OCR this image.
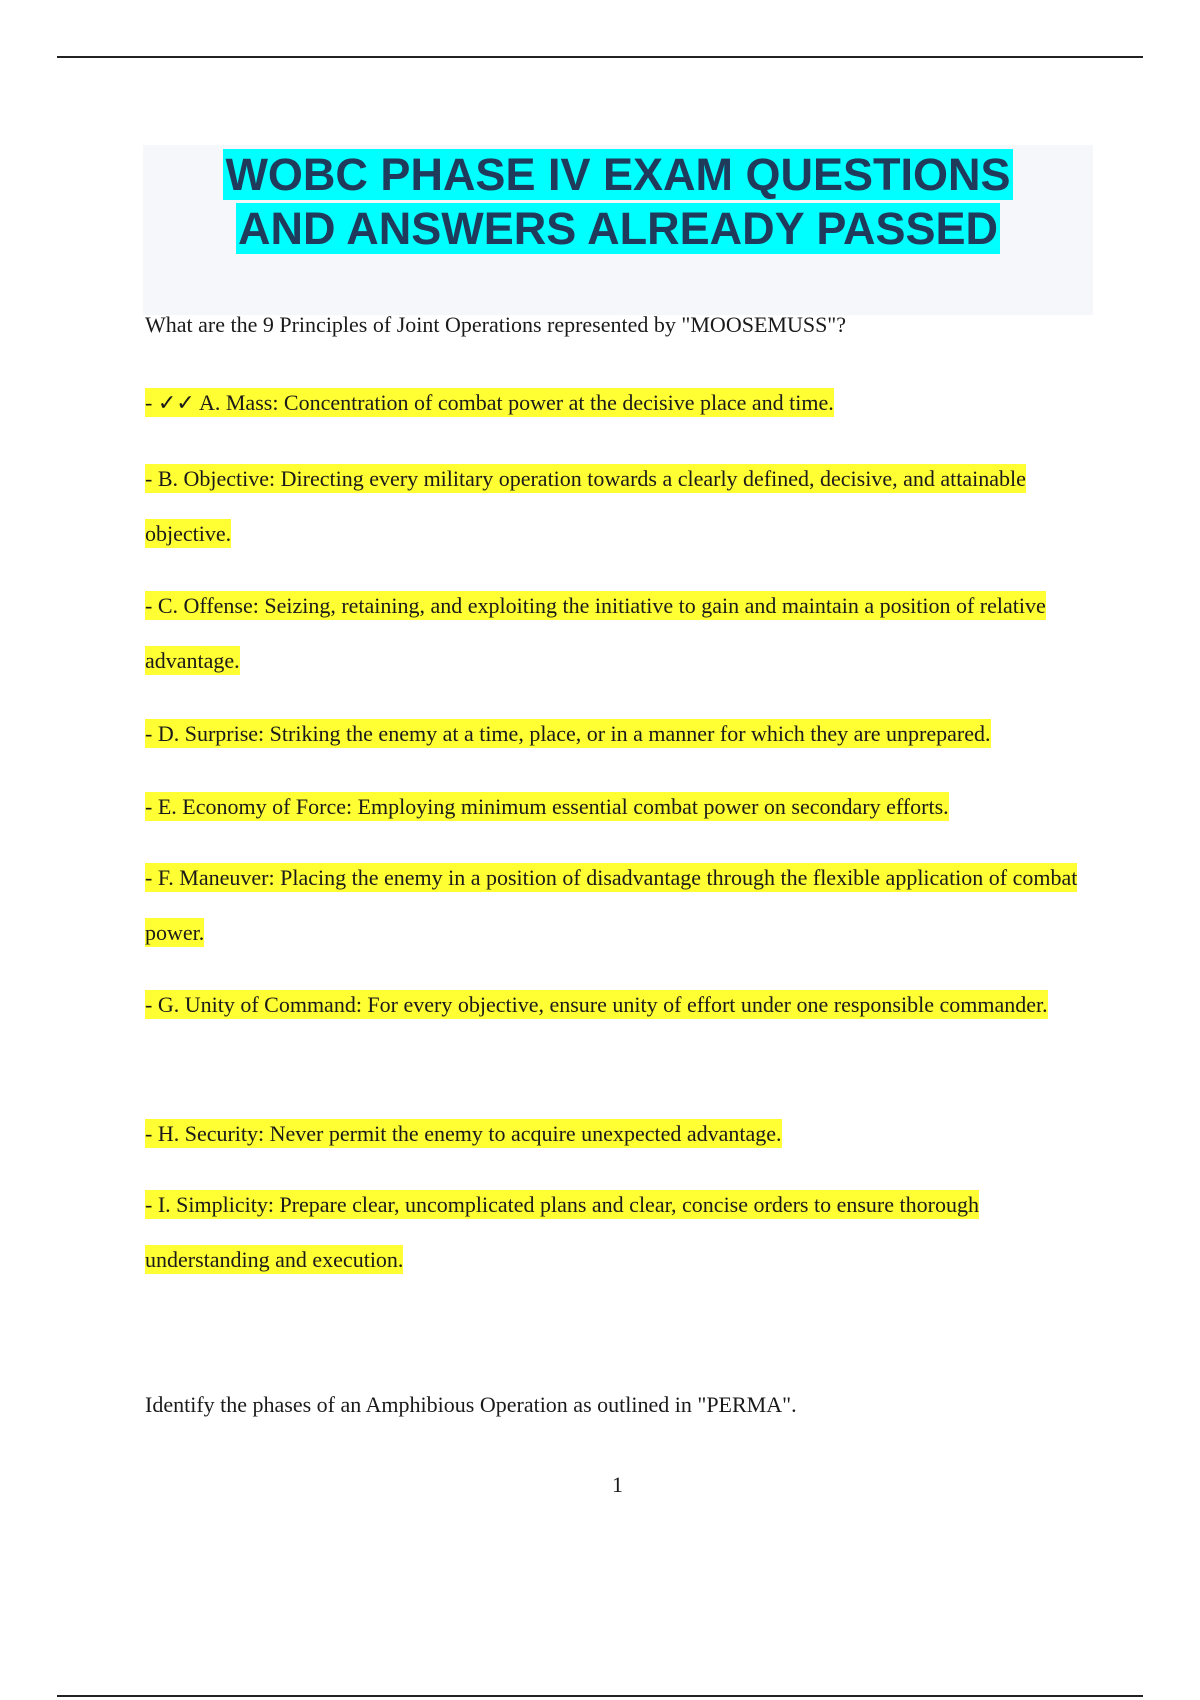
WOBC PHASE IV EXAM QUESTIONS
AND ANSWERS ALREADY PASSED
What are the 9 Principles of Joint Operations represented by "MOOSEMUSS"?
- ✓✓ A. Mass: Concentration of combat power at the decisive place and time.
- B. Objective: Directing every military operation towards a clearly defined, decisive, and attainable objective.
- C. Offense: Seizing, retaining, and exploiting the initiative to gain and maintain a position of relative advantage.
- D. Surprise: Striking the enemy at a time, place, or in a manner for which they are unprepared.
- E. Economy of Force: Employing minimum essential combat power on secondary efforts.
- F. Maneuver: Placing the enemy in a position of disadvantage through the flexible application of combat power.
- G. Unity of Command: For every objective, ensure unity of effort under one responsible commander.
- H. Security: Never permit the enemy to acquire unexpected advantage.
- I. Simplicity: Prepare clear, uncomplicated plans and clear, concise orders to ensure thorough understanding and execution.
Identify the phases of an Amphibious Operation as outlined in "PERMA".
1
